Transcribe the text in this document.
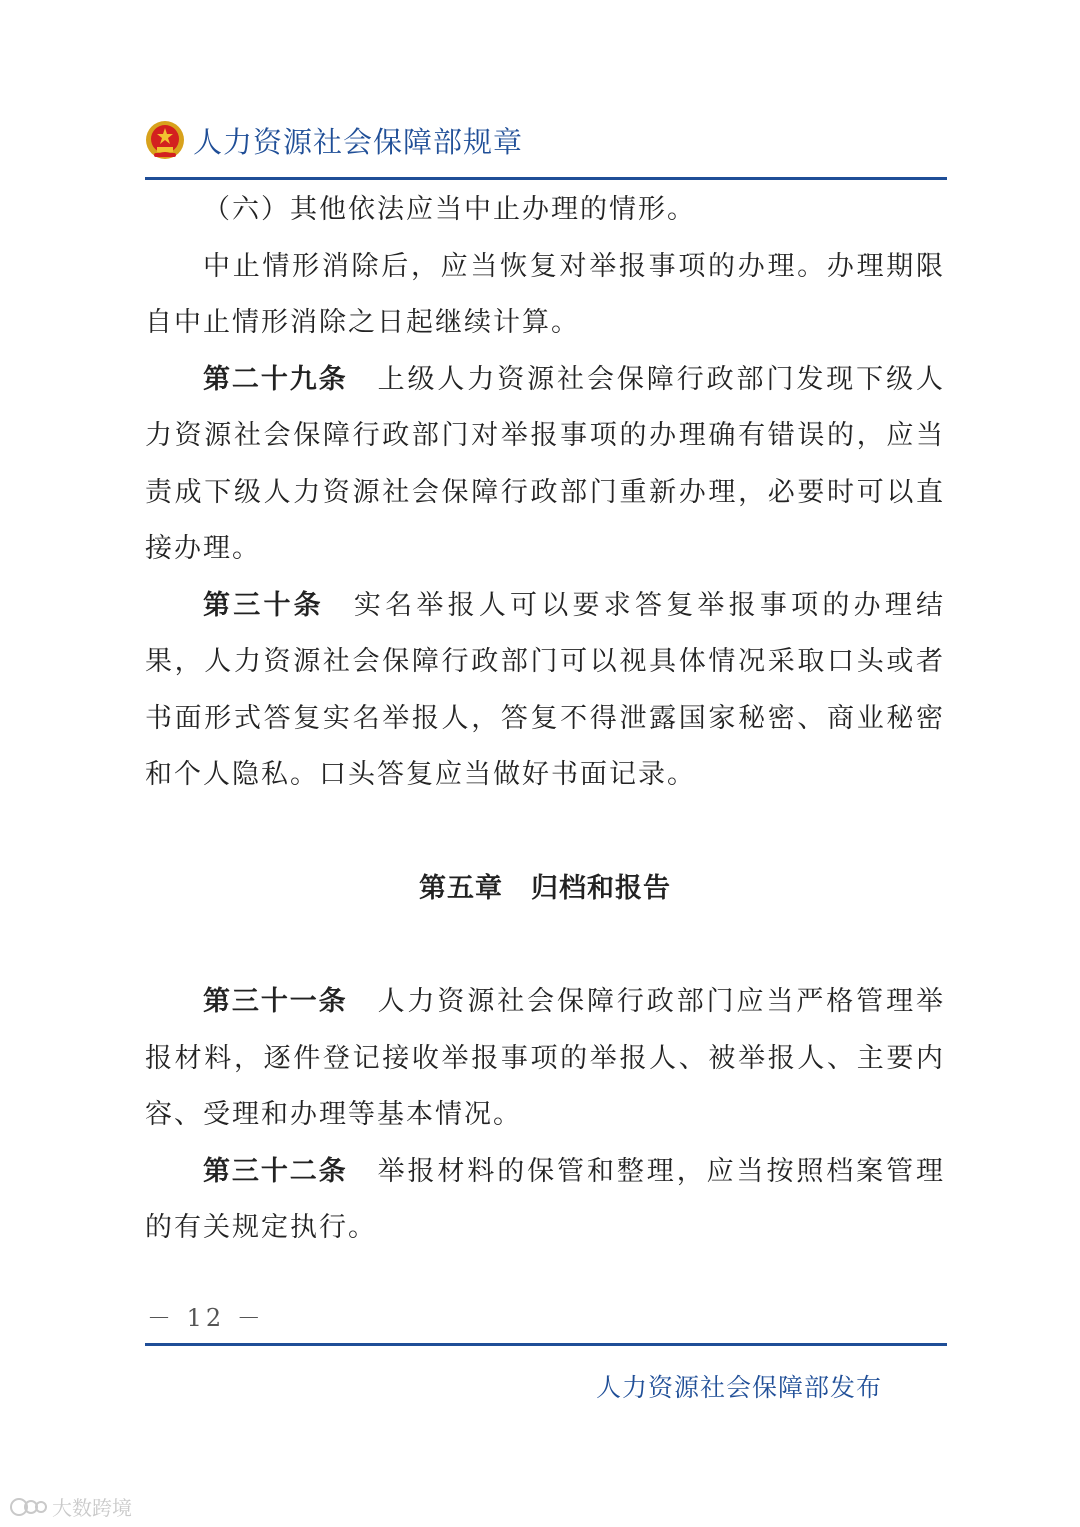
人力资源社会保障部规章

（六）其他依法应当中止办理的情形。

中止情形消除后，应当恢复对举报事项的办理。办理期限自中止情形消除之日起继续计算。

第二十九条 上级人力资源社会保障行政部门发现下级人力资源社会保障行政部门对举报事项的办理确有错误的，应当责成下级人力资源社会保障行政部门重新办理，必要时可以直接办理。

第三十条 实名举报人可以要求答复举报事项的办理结果，人力资源社会保障行政部门可以视具体情况采取口头或者书面形式答复实名举报人，答复不得泄露国家秘密、商业秘密和个人隐私。口头答复应当做好书面记录。

第五章 归档和报告

第三十一条 人力资源社会保障行政部门应当严格管理举报材料，逐件登记接收举报事项的举报人、被举报人、主要内容、受理和办理等基本情况。

第三十二条 举报材料的保管和整理，应当按照档案管理的有关规定执行。

－ 12 －
人力资源社会保障部发布
大数跨境
